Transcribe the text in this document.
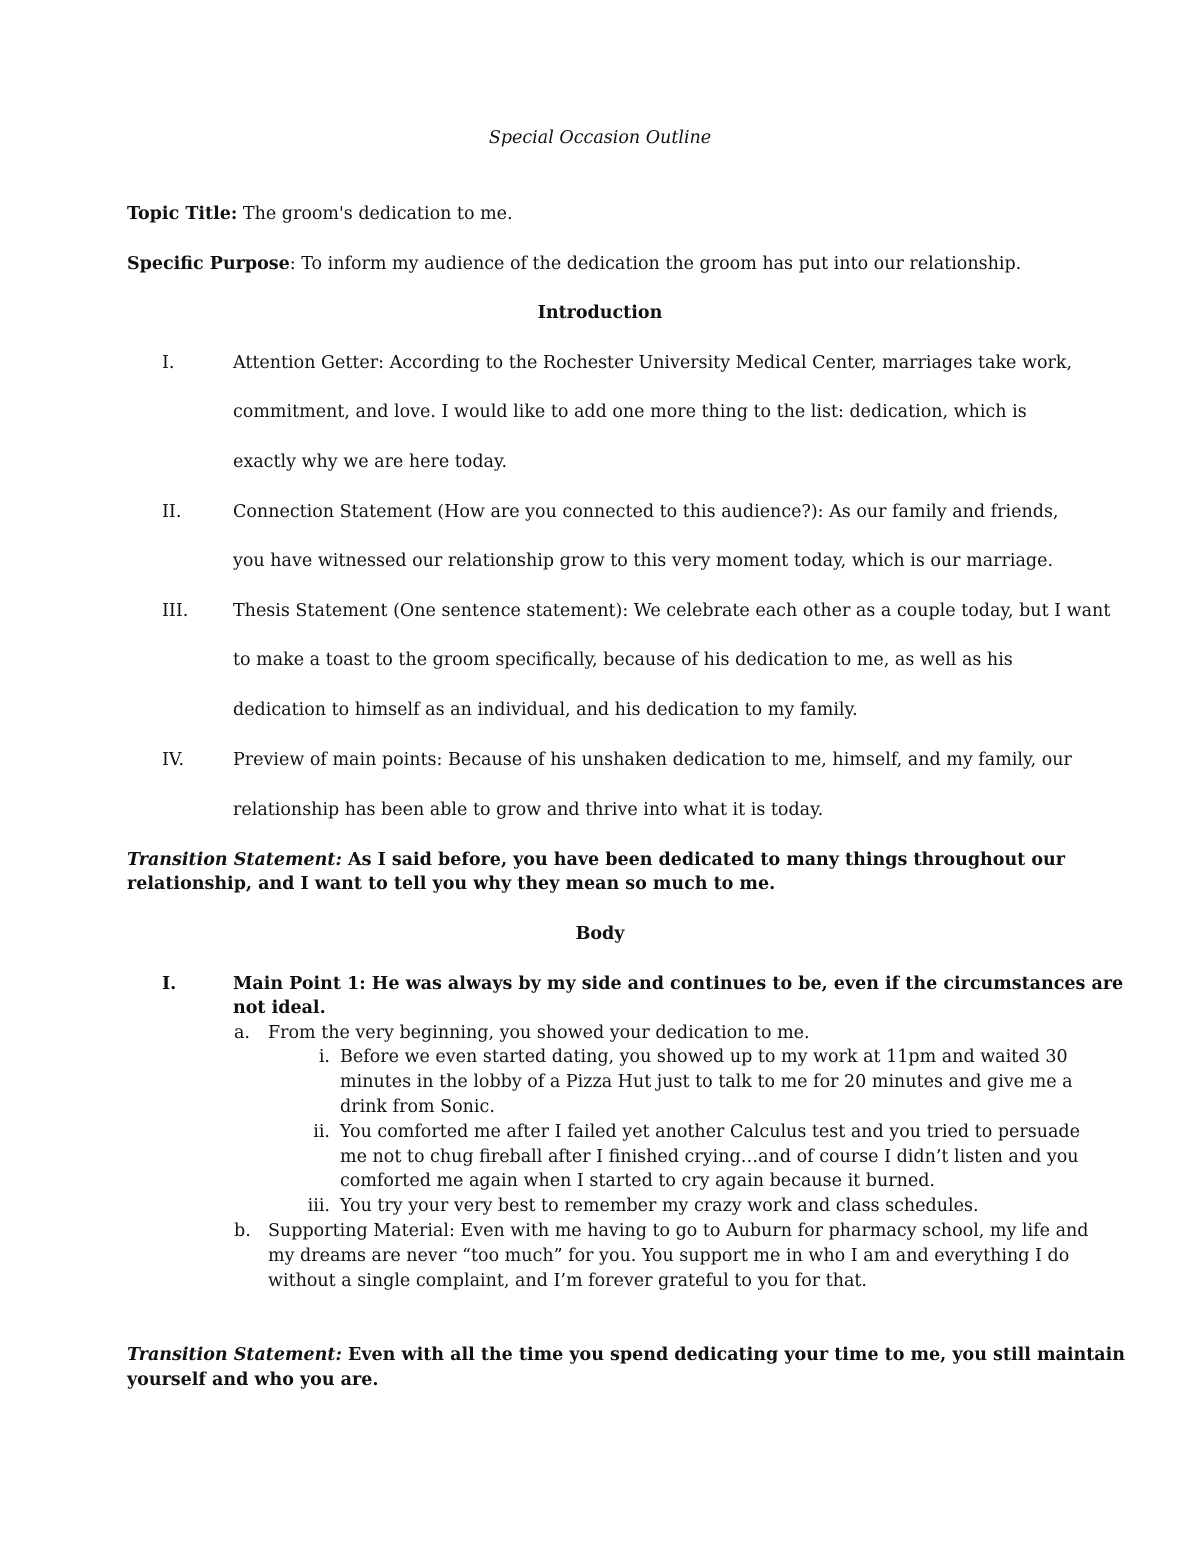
Special Occasion Outline
Topic Title: The groom's dedication to me.
Specific Purpose: To inform my audience of the dedication the groom has put into our relationship.
Introduction
I.	Attention Getter: According to the Rochester University Medical Center, marriages take work,
commitment, and love. I would like to add one more thing to the list: dedication, which is
exactly why we are here today.
II.	Connection Statement (How are you connected to this audience?): As our family and friends,
you have witnessed our relationship grow to this very moment today, which is our marriage.
III.	Thesis Statement (One sentence statement): We celebrate each other as a couple today, but I want
to make a toast to the groom specifically, because of his dedication to me, as well as his
dedication to himself as an individual, and his dedication to my family.
IV.	Preview of main points: Because of his unshaken dedication to me, himself, and my family, our
relationship has been able to grow and thrive into what it is today.
Transition Statement: As I said before, you have been dedicated to many things throughout our
relationship, and I want to tell you why they mean so much to me.
Body
I.	Main Point 1: He was always by my side and continues to be, even if the circumstances are
not ideal.
a. From the very beginning, you showed your dedication to me.
i. Before we even started dating, you showed up to my work at 11pm and waited 30
minutes in the lobby of a Pizza Hut just to talk to me for 20 minutes and give me a
drink from Sonic.
ii. You comforted me after I failed yet another Calculus test and you tried to persuade
me not to chug fireball after I finished crying…and of course I didn’t listen and you
comforted me again when I started to cry again because it burned.
iii. You try your very best to remember my crazy work and class schedules.
b. Supporting Material: Even with me having to go to Auburn for pharmacy school, my life and
my dreams are never “too much” for you. You support me in who I am and everything I do
without a single complaint, and I’m forever grateful to you for that.
Transition Statement: Even with all the time you spend dedicating your time to me, you still maintain
yourself and who you are.
